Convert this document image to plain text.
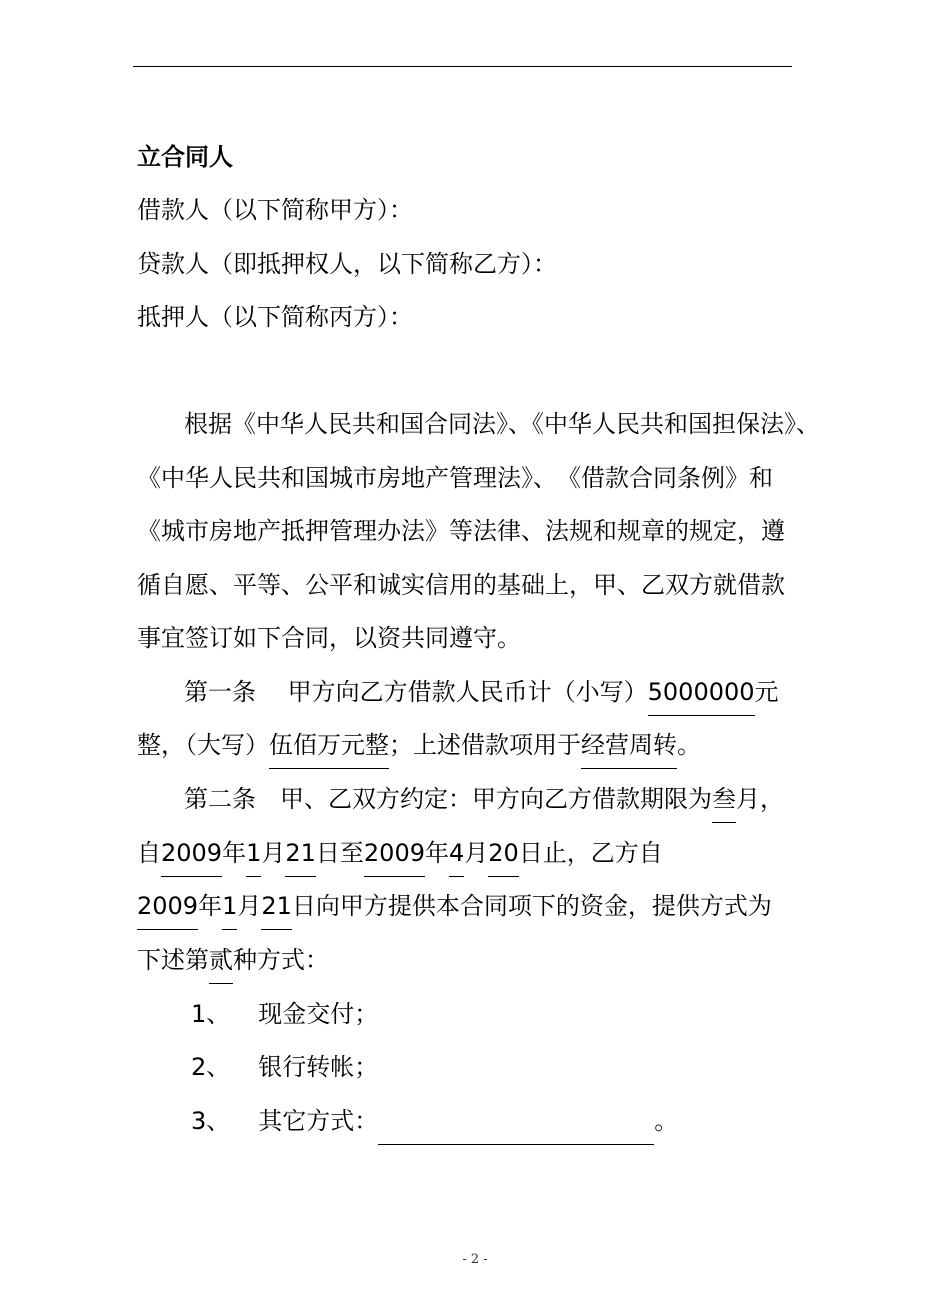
立合同人
借款人（以下简称甲方）：
贷款人（即抵押权人，以下简称乙方）：
抵押人（以下简称丙方）：
根据《中华人民共和国合同法》、《中华人民共和国担保法》、
《中华人民共和国城市房地产管理法》、　《借款合同条例》和
《城市房地产抵押管理办法》等法律、法规和规章的规定，遵
循自愿、平等、公平和诚实信用的基础上，甲、乙双方就借款
事宜签订如下合同，以资共同遵守。
第一条　 甲方向乙方借款人民币计（小写）5000000元
整，（大写）伍佰万元整；上述借款项用于经营周转。
第二条　甲、乙双方约定：甲方向乙方借款期限为叁月，
自2009年1月21日至2009年4月20日止，乙方自
2009年1月21日向甲方提供本合同项下的资金，提供方式为
下述第贰种方式：
1、 现金交付；
2、 银行转帐；
3、 其它方式：	。
- 2 -
